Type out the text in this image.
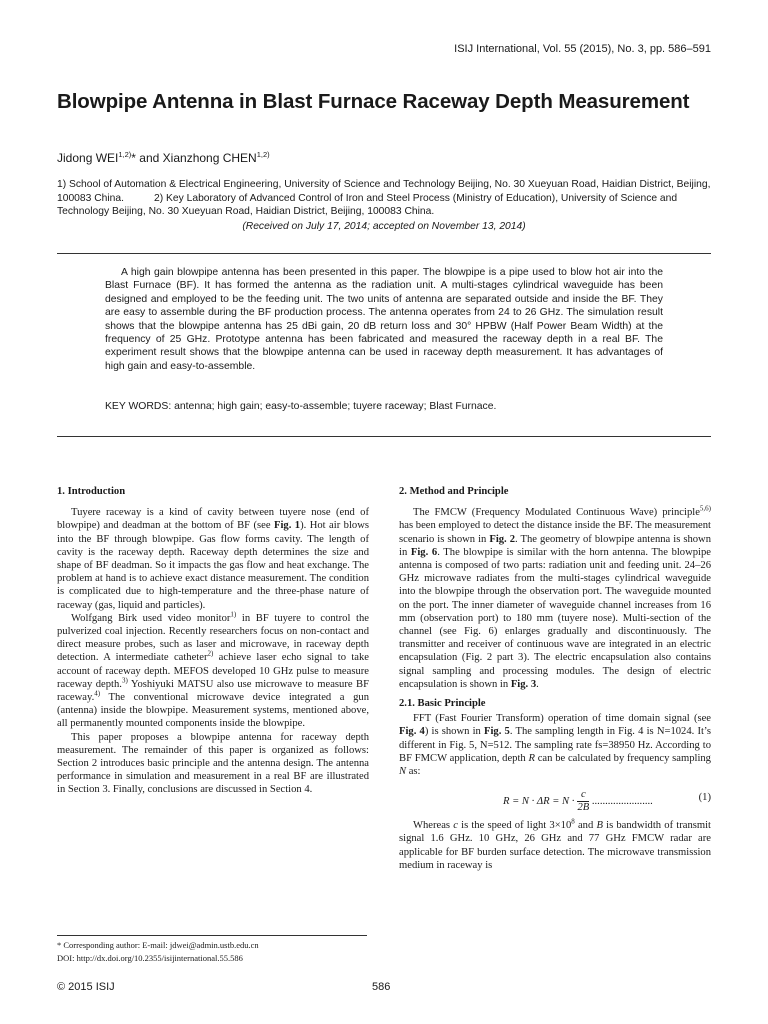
ISIJ International, Vol. 55 (2015), No. 3, pp. 586–591
Blowpipe Antenna in Blast Furnace Raceway Depth Measurement
Jidong WEI$^{1,2)}$* and Xianzhong CHEN$^{1,2)}$
1) School of Automation & Electrical Engineering, University of Science and Technology Beijing, No. 30 Xueyuan Road, Haidian District, Beijing, 100083 China.	2) Key Laboratory of Advanced Control of Iron and Steel Process (Ministry of Education), University of Science and Technology Beijing, No. 30 Xueyuan Road, Haidian District, Beijing, 100083 China.
(Received on July 17, 2014; accepted on November 13, 2014)
A high gain blowpipe antenna has been presented in this paper. The blowpipe is a pipe used to blow hot air into the Blast Furnace (BF). It has formed the antenna as the radiation unit. A multi-stages cylindrical waveguide has been designed and employed to be the feeding unit. The two units of antenna are separated outside and inside the BF. They are easy to assemble during the BF production process. The antenna operates from 24 to 26 GHz. The simulation result shows that the blowpipe antenna has 25 dBi gain, 20 dB return loss and 30° HPBW (Half Power Beam Width) at the frequency of 25 GHz. Prototype antenna has been fabricated and measured the raceway depth in a real BF. The experiment result shows that the blowpipe antenna can be used in raceway depth measurement. It has advantages of high gain and easy-to-assemble.
KEY WORDS: antenna; high gain; easy-to-assemble; tuyere raceway; Blast Furnace.
1. Introduction

Tuyere raceway is a kind of cavity between tuyere nose (end of blowpipe) and deadman at the bottom of BF (see Fig. 1). Hot air blows into the BF through blowpipe. Gas flow forms cavity. The length of cavity is the raceway depth. Raceway depth determines the size and shape of BF deadman. So it impacts the gas flow and heat exchange. The problem at hand is to achieve exact distance measurement. The condition is complicated due to high-temperature and the three-phase nature of raceway (gas, liquid and particles).

Wolfgang Birk used video monitor$^{1)}$ in BF tuyere to control the pulverized coal injection. Recently researchers focus on non-contact and direct measure probes, such as laser and microwave, in raceway depth detection. A intermediate catheter$^{2)}$ achieve laser echo signal to take account of raceway depth. MEFOS developed 10 GHz pulse to measure raceway depth.$^{3)}$ Yoshiyuki MATSU also use microwave to measure BF raceway.$^{4)}$ The conventional microwave device integrated a gun (antenna) inside the blowpipe. Measurement systems, mentioned above, all permanently mounted components inside the blowpipe.

This paper proposes a blowpipe antenna for raceway depth measurement. The remainder of this paper is organized as follows: Section 2 introduces basic principle and the antenna design. The antenna performance in simulation and measurement in a real BF are illustrated in Section 3. Finally, conclusions are discussed in Section 4.

2. Method and Principle

The FMCW (Frequency Modulated Continuous Wave) principle$^{5,6)}$ has been employed to detect the distance inside the BF. The measurement scenario is shown in Fig. 2. The geometry of blowpipe antenna is shown in Fig. 6. The blowpipe is similar with the horn antenna. The blowpipe antenna is composed of two parts: radiation unit and feeding unit. 24–26 GHz microwave radiates from the multi-stages cylindrical waveguide into the blowpipe through the observation port. The waveguide mounted on the port. The inner diameter of waveguide channel increases from 16 mm (observation port) to 180 mm (tuyere nose). Multi-section of the channel (see Fig. 6) enlarges gradually and discontinuously. The transmitter and receiver of continuous wave are integrated in an electric encapsulation (Fig. 2 part 3). The electric encapsulation also contains signal sampling and processing modules. The design of electric encapsulation is shown in Fig. 3.

2.1. Basic Principle

FFT (Fast Fourier Transform) operation of time domain signal (see Fig. 4) is shown in Fig. 5. The sampling length in Fig. 4 is N=1024. It’s different in Fig. 5, N=512. The sampling rate fs=38950 Hz. According to BF FMCW application, depth R can be calculated by frequency sampling N as:

$R = N \cdot \Delta R = N \cdot \frac{c}{2B}$ .......................	(1)

Whereas c is the speed of light $3\times 10^8$ and B is bandwidth of transmit signal 1.6 GHz. 10 GHz, 26 GHz and 77 GHz FMCW radar are applicable for BF burden surface detection. The microwave transmission medium in raceway is

* Corresponding author: E-mail: jdwei@admin.ustb.edu.cn
DOI: http://dx.doi.org/10.2355/isijinternational.55.586
© 2015 ISIJ	586
